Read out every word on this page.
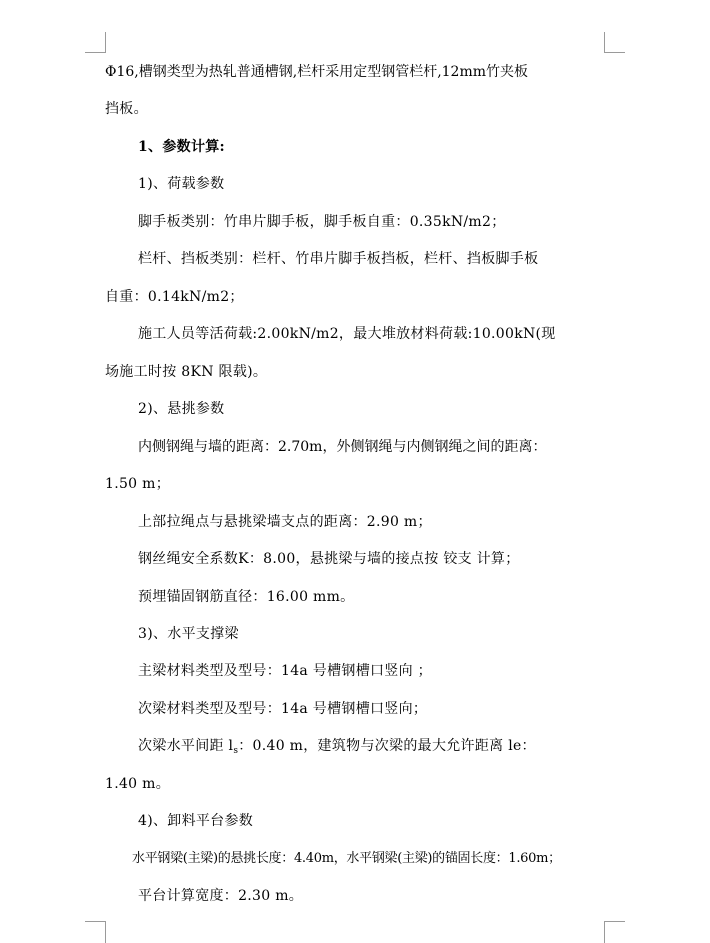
Φ16,槽钢类型为热轧普通槽钢,栏杆采用定型钢管栏杆,12mm竹夹板
挡板。
1、参数计算:
1)、荷载参数
脚手板类别：竹串片脚手板，脚手板自重：0.35kN/m2；
栏杆、挡板类别：栏杆、竹串片脚手板挡板，栏杆、挡板脚手板
自重：0.14kN/m2；
施工人员等活荷载:2.00kN/m2，最大堆放材料荷载:10.00kN(现
场施工时按 8KN 限载)。
2)、悬挑参数
内侧钢绳与墙的距离：2.70m，外侧钢绳与内侧钢绳之间的距离：
1.50 m；
上部拉绳点与悬挑梁墙支点的距离：2.90 m；
钢丝绳安全系数K：8.00，悬挑梁与墙的接点按 铰支 计算；
预埋锚固钢筋直径：16.00 mm。
3)、水平支撑梁
主梁材料类型及型号：14a 号槽钢槽口竖向 ；
次梁材料类型及型号：14a 号槽钢槽口竖向；
次梁水平间距 $l_s$：0.40 m，建筑物与次梁的最大允许距离 le：
1.40 m。
4)、卸料平台参数
水平钢梁(主梁)的悬挑长度：4.40m，水平钢梁(主梁)的锚固长度：1.60m；
平台计算宽度：2.30 m。
